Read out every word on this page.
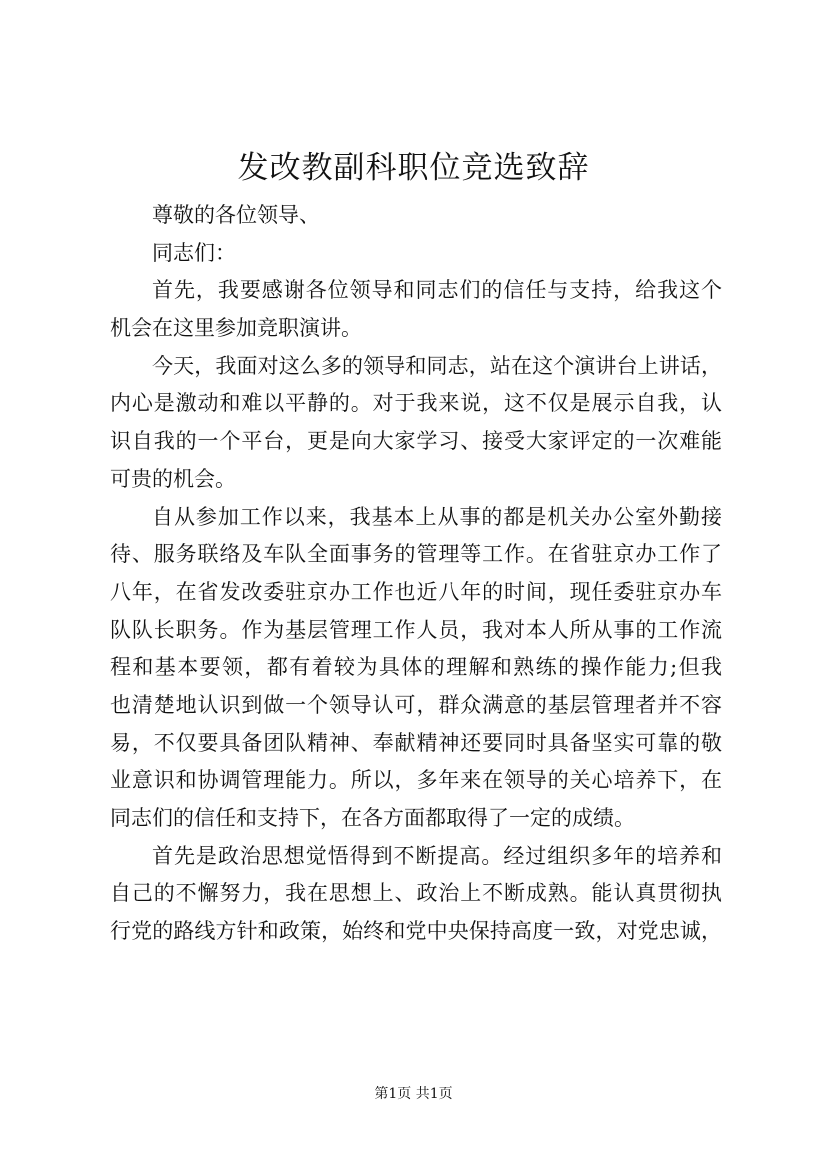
发改教副科职位竞选致辞
尊敬的各位领导、
同志们：
首先，我要感谢各位领导和同志们的信任与支持，给我这个
机会在这里参加竞职演讲。
今天，我面对这么多的领导和同志，站在这个演讲台上讲话，
内心是激动和难以平静的。对于我来说，这不仅是展示自我，认
识自我的一个平台，更是向大家学习、接受大家评定的一次难能
可贵的机会。
自从参加工作以来，我基本上从事的都是机关办公室外勤接
待、服务联络及车队全面事务的管理等工作。在省驻京办工作了
八年，在省发改委驻京办工作也近八年的时间，现任委驻京办车
队队长职务。作为基层管理工作人员，我对本人所从事的工作流
程和基本要领，都有着较为具体的理解和熟练的操作能力;但我
也清楚地认识到做一个领导认可，群众满意的基层管理者并不容
易，不仅要具备团队精神、奉献精神还要同时具备坚实可靠的敬
业意识和协调管理能力。所以，多年来在领导的关心培养下，在
同志们的信任和支持下，在各方面都取得了一定的成绩。
首先是政治思想觉悟得到不断提高。经过组织多年的培养和
自己的不懈努力，我在思想上、政治上不断成熟。能认真贯彻执
行党的路线方针和政策，始终和党中央保持高度一致，对党忠诚，
第1页 共1页
